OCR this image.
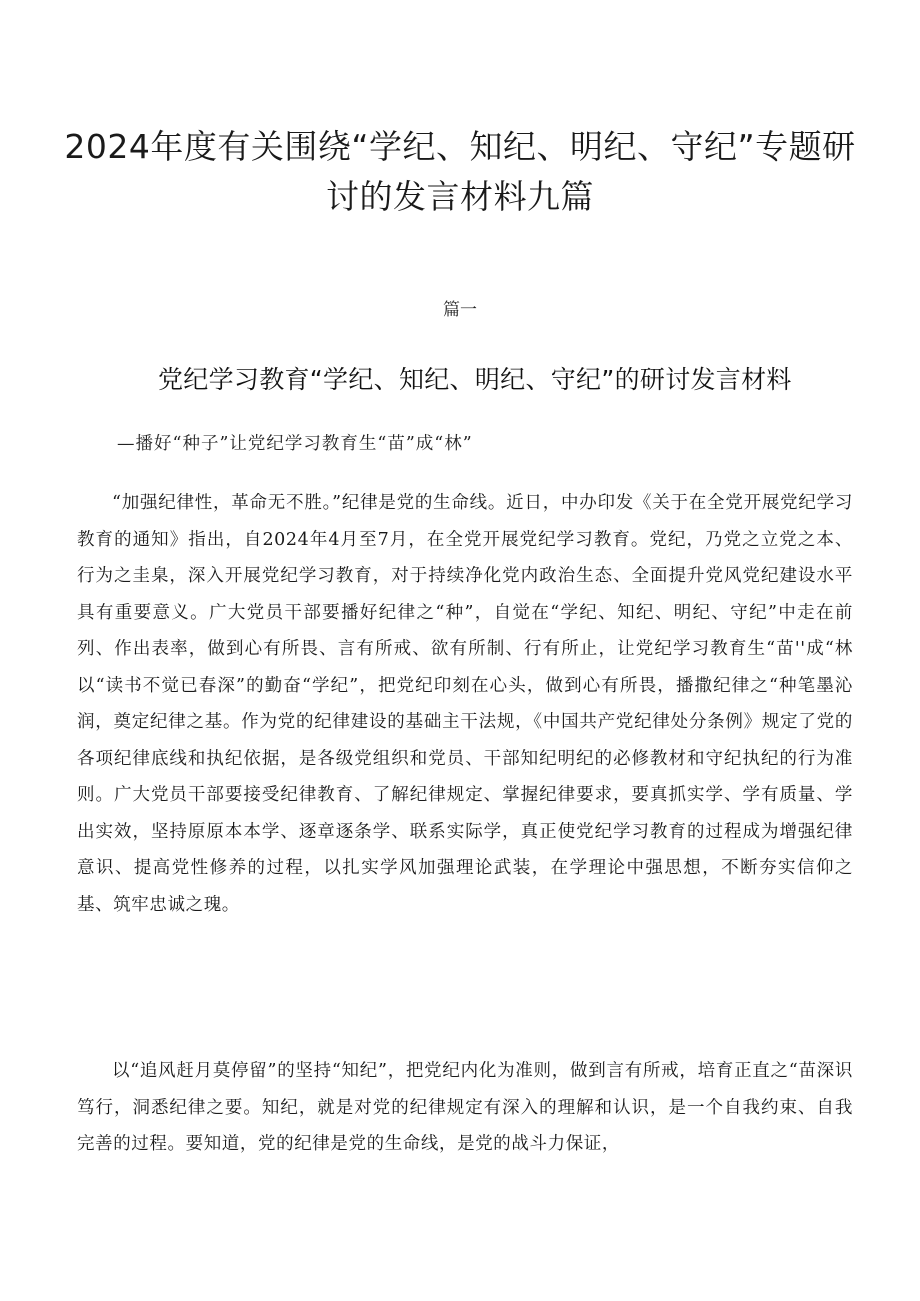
2024年度有关围绕“学纪、知纪、明纪、守纪”专题研讨的发言材料九篇
篇一
党纪学习教育“学纪、知纪、明纪、守纪”的研讨发言材料
—播好“种子”让党纪学习教育生“苗”成“林”

“加强纪律性，革命无不胜。”纪律是党的生命线。近日，中办印发《关于在全党开展党纪学习教育的通知》指出，自2024年4月至7月，在全党开展党纪学习教育。党纪，乃党之立党之本、行为之圭臬，深入开展党纪学习教育，对于持续净化党内政治生态、全面提升党风党纪建设水平具有重要意义。广大党员干部要播好纪律之“种”，自觉在“学纪、知纪、明纪、守纪”中走在前列、作出表率，做到心有所畏、言有所戒、欲有所制、行有所止，让党纪学习教育生“苗''成“林以“读书不觉已春深”的勤奋“学纪”，把党纪印刻在心头，做到心有所畏，播撒纪律之“种笔墨沁润，奠定纪律之基。作为党的纪律建设的基础主干法规，《中国共产党纪律处分条例》规定了党的各项纪律底线和执纪依据，是各级党组织和党员、干部知纪明纪的必修教材和守纪执纪的行为准则。广大党员干部要接受纪律教育、了解纪律规定、掌握纪律要求，要真抓实学、学有质量、学出实效，坚持原原本本学、逐章逐条学、联系实际学，真正使党纪学习教育的过程成为增强纪律意识、提高党性修养的过程，以扎实学风加强理论武装，在学理论中强思想，不断夯实信仰之基、筑牢忠诚之瑰。

以“追风赶月莫停留”的坚持“知纪”，把党纪内化为准则，做到言有所戒，培育正直之“苗深识笃行，洞悉纪律之要。知纪，就是对党的纪律规定有深入的理解和认识，是一个自我约束、自我完善的过程。要知道，党的纪律是党的生命线，是党的战斗力保证，
